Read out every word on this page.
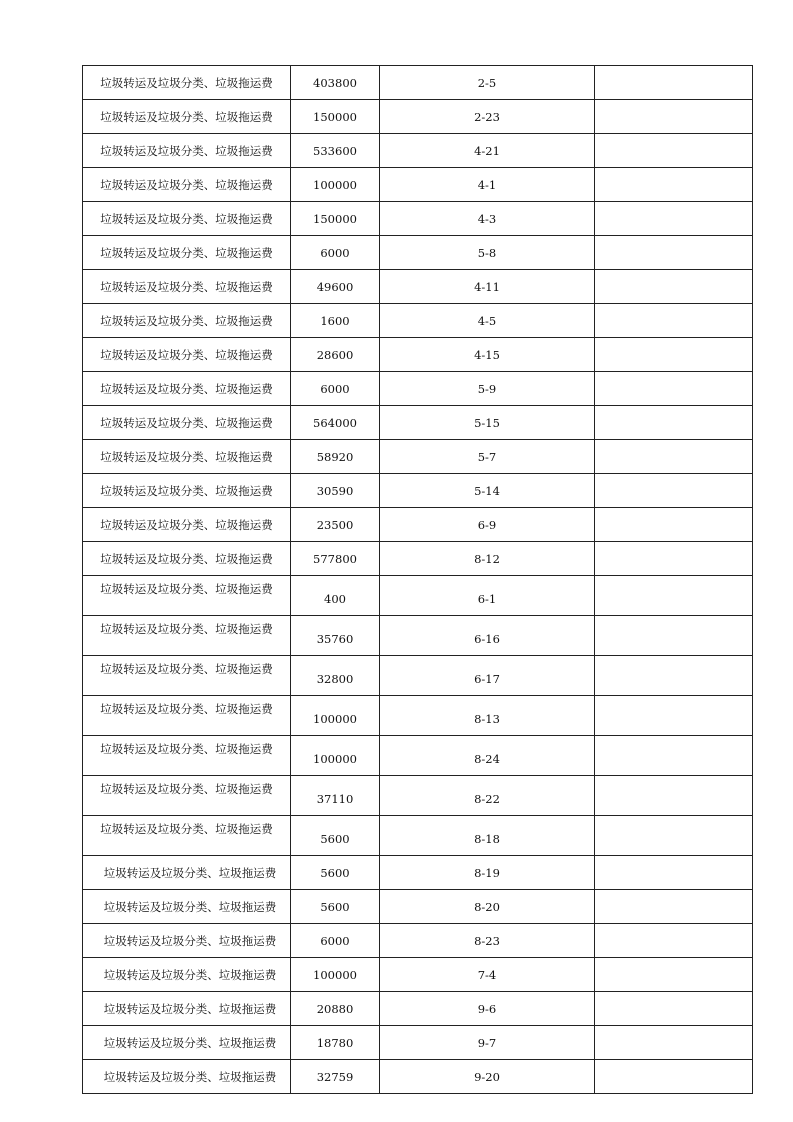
垃圾转运及垃圾分类、垃圾拖运费	403800	2-5	
垃圾转运及垃圾分类、垃圾拖运费	150000	2-23	
垃圾转运及垃圾分类、垃圾拖运费	533600	4-21	
垃圾转运及垃圾分类、垃圾拖运费	100000	4-1	
垃圾转运及垃圾分类、垃圾拖运费	150000	4-3	
垃圾转运及垃圾分类、垃圾拖运费	6000	5-8	
垃圾转运及垃圾分类、垃圾拖运费	49600	4-11	
垃圾转运及垃圾分类、垃圾拖运费	1600	4-5	
垃圾转运及垃圾分类、垃圾拖运费	28600	4-15	
垃圾转运及垃圾分类、垃圾拖运费	6000	5-9	
垃圾转运及垃圾分类、垃圾拖运费	564000	5-15	
垃圾转运及垃圾分类、垃圾拖运费	58920	5-7	
垃圾转运及垃圾分类、垃圾拖运费	30590	5-14	
垃圾转运及垃圾分类、垃圾拖运费	23500	6-9	
垃圾转运及垃圾分类、垃圾拖运费	577800	8-12	
垃圾转运及垃圾分类、垃圾拖运费	400	6-1	
垃圾转运及垃圾分类、垃圾拖运费	35760	6-16	
垃圾转运及垃圾分类、垃圾拖运费	32800	6-17	
垃圾转运及垃圾分类、垃圾拖运费	100000	8-13	
垃圾转运及垃圾分类、垃圾拖运费	100000	8-24	
垃圾转运及垃圾分类、垃圾拖运费	37110	8-22	
垃圾转运及垃圾分类、垃圾拖运费	5600	8-18	
垃圾转运及垃圾分类、垃圾拖运费	5600	8-19	
垃圾转运及垃圾分类、垃圾拖运费	5600	8-20	
垃圾转运及垃圾分类、垃圾拖运费	6000	8-23	
垃圾转运及垃圾分类、垃圾拖运费	100000	7-4	
垃圾转运及垃圾分类、垃圾拖运费	20880	9-6	
垃圾转运及垃圾分类、垃圾拖运费	18780	9-7	
垃圾转运及垃圾分类、垃圾拖运费	32759	9-20	
